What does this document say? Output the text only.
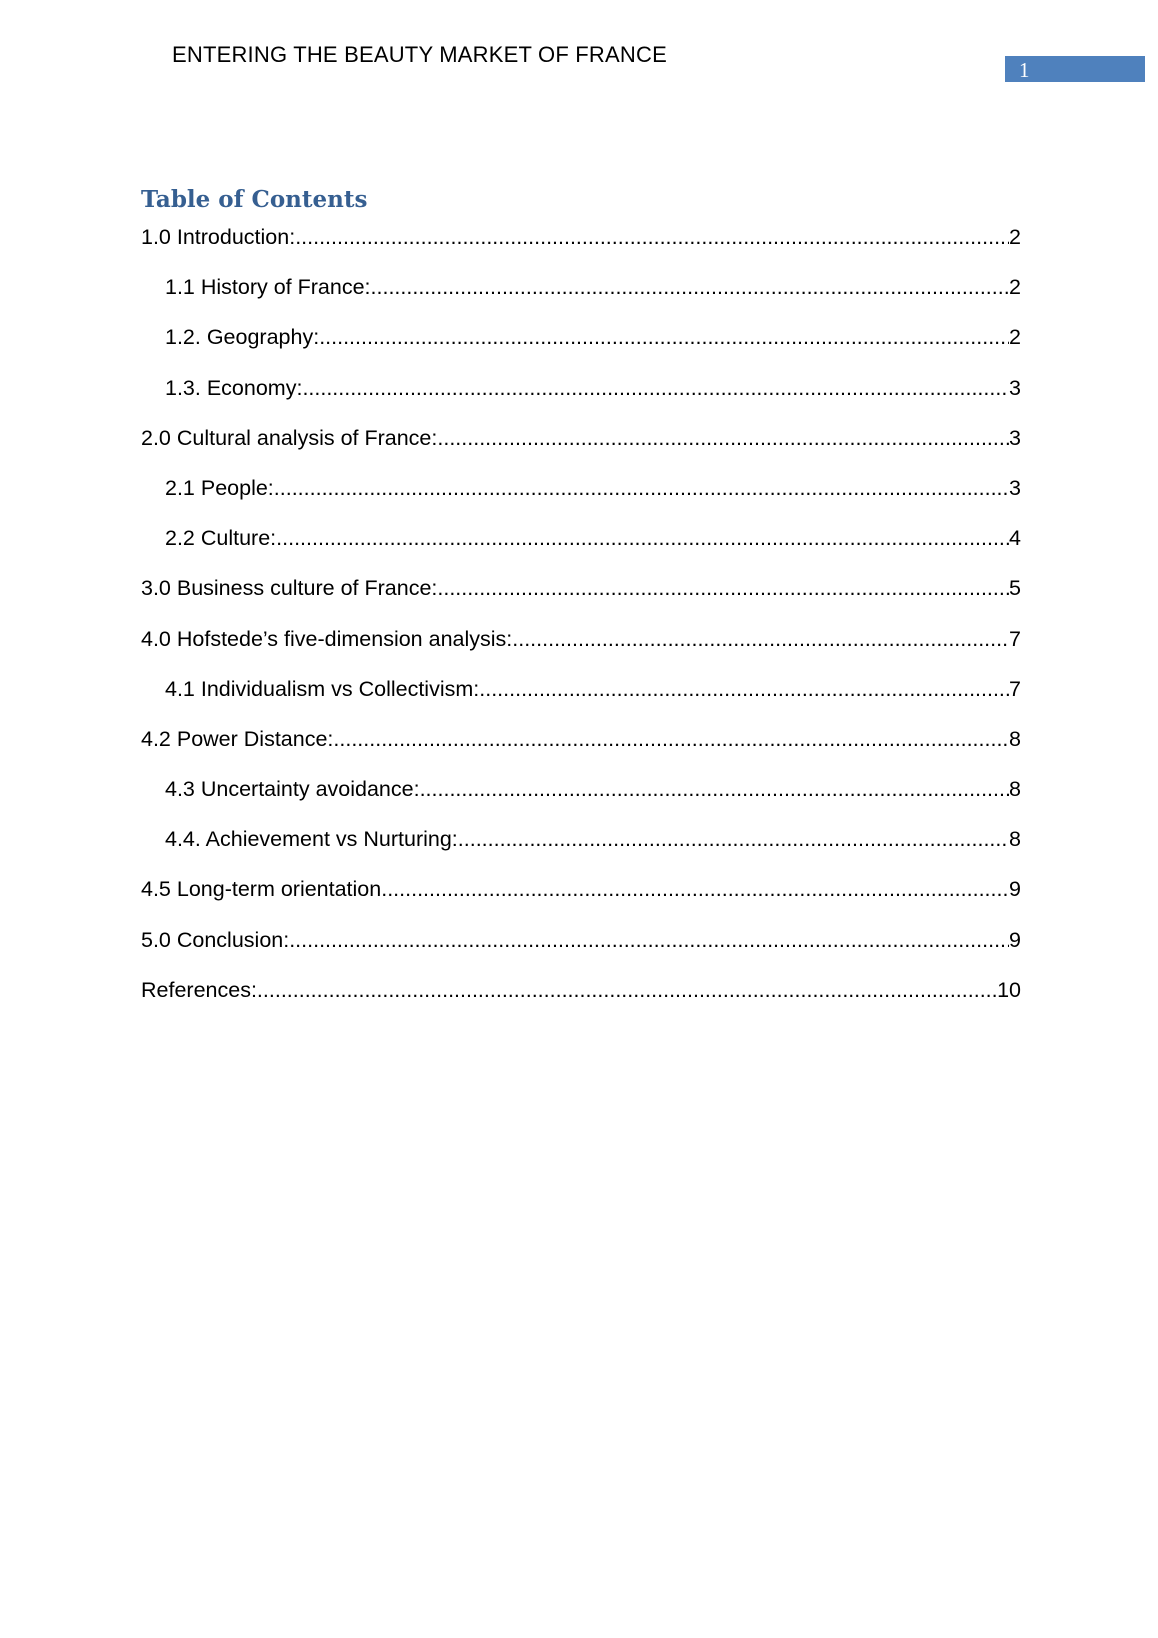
ENTERING THE BEAUTY MARKET OF FRANCE
1
Table of Contents
1.0 Introduction: .....	2
1.1 History of France: .....	2
1.2. Geography: .....	2
1.3. Economy: .....	3
2.0 Cultural analysis of France: .....	3
2.1 People: .....	3
2.2 Culture: .....	4
3.0 Business culture of France: .....	5
4.0 Hofstede’s five-dimension analysis: .....	7
4.1 Individualism vs Collectivism: .....	7
4.2 Power Distance: .....	8
4.3 Uncertainty avoidance: .....	8
4.4. Achievement vs Nurturing: .....	8
4.5 Long-term orientation .....	9
5.0 Conclusion: .....	9
References: .....	10
